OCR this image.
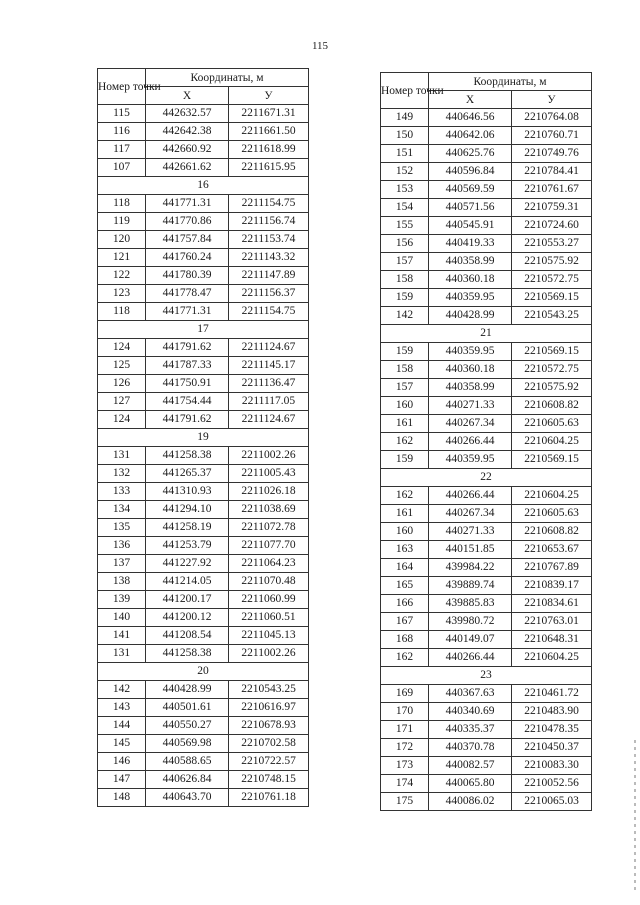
115
Номер точки	Координаты, м	
	X	У
115	442632.57	2211671.31
116	442642.38	2211661.50
117	442660.92	2211618.99
107	442661.62	2211615.95
16		
118	441771.31	2211154.75
119	441770.86	2211156.74
120	441757.84	2211153.74
121	441760.24	2211143.32
122	441780.39	2211147.89
123	441778.47	2211156.37
118	441771.31	2211154.75
17		
124	441791.62	2211124.67
125	441787.33	2211145.17
126	441750.91	2211136.47
127	441754.44	2211117.05
124	441791.62	2211124.67
19		
131	441258.38	2211002.26
132	441265.37	2211005.43
133	441310.93	2211026.18
134	441294.10	2211038.69
135	441258.19	2211072.78
136	441253.79	2211077.70
137	441227.92	2211064.23
138	441214.05	2211070.48
139	441200.17	2211060.99
140	441200.12	2211060.51
141	441208.54	2211045.13
131	441258.38	2211002.26
20		
142	440428.99	2210543.25
143	440501.61	2210616.97
144	440550.27	2210678.93
145	440569.98	2210702.58
146	440588.65	2210722.57
147	440626.84	2210748.15
148	440643.70	2210761.18
Номер точки	Координаты, м	
	X	У
149	440646.56	2210764.08
150	440642.06	2210760.71
151	440625.76	2210749.76
152	440596.84	2210784.41
153	440569.59	2210761.67
154	440571.56	2210759.31
155	440545.91	2210724.60
156	440419.33	2210553.27
157	440358.99	2210575.92
158	440360.18	2210572.75
159	440359.95	2210569.15
142	440428.99	2210543.25
21		
159	440359.95	2210569.15
158	440360.18	2210572.75
157	440358.99	2210575.92
160	440271.33	2210608.82
161	440267.34	2210605.63
162	440266.44	2210604.25
159	440359.95	2210569.15
22		
162	440266.44	2210604.25
161	440267.34	2210605.63
160	440271.33	2210608.82
163	440151.85	2210653.67
164	439984.22	2210767.89
165	439889.74	2210839.17
166	439885.83	2210834.61
167	439980.72	2210763.01
168	440149.07	2210648.31
162	440266.44	2210604.25
23		
169	440367.63	2210461.72
170	440340.69	2210483.90
171	440335.37	2210478.35
172	440370.78	2210450.37
173	440082.57	2210083.30
174	440065.80	2210052.56
175	440086.02	2210065.03
